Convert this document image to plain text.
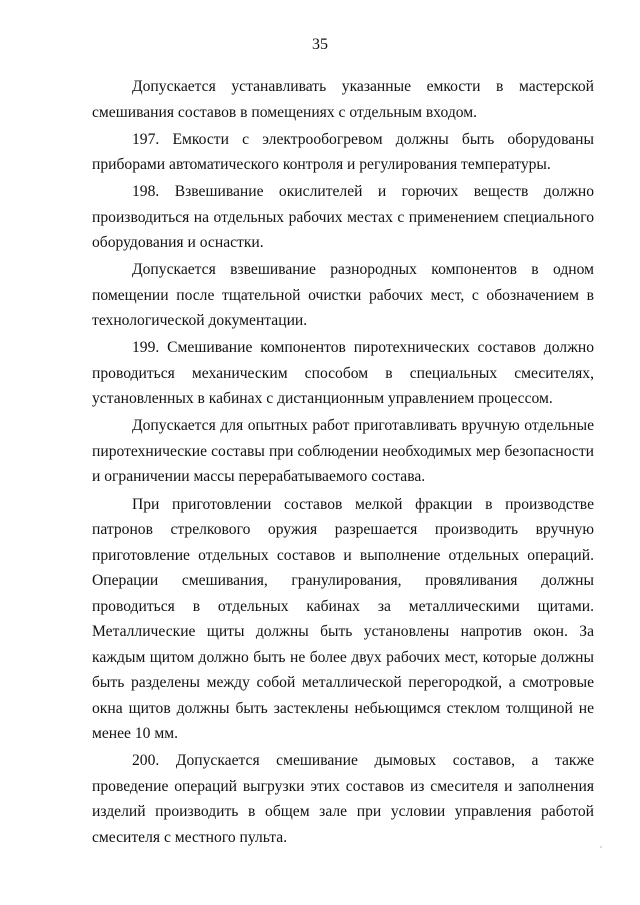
35

Допускается устанавливать указанные емкости в мастерской смешивания составов в помещениях с отдельным входом.

197. Емкости с электрообогревом должны быть оборудованы приборами автоматического контроля и регулирования температуры.

198. Взвешивание окислителей и горючих веществ должно производиться на отдельных рабочих местах с применением специального оборудования и оснастки.

Допускается взвешивание разнородных компонентов в одном помещении после тщательной очистки рабочих мест, с обозначением в технологической документации.

199. Смешивание компонентов пиротехнических составов должно проводиться механическим способом в специальных смесителях, установленных в кабинах с дистанционным управлением процессом.

Допускается для опытных работ приготавливать вручную отдельные пиротехнические составы при соблюдении необходимых мер безопасности и ограничении массы перерабатываемого состава.

При приготовлении составов мелкой фракции в производстве патронов стрелкового оружия разрешается производить вручную приготовление отдельных составов и выполнение отдельных операций. Операции смешивания, гранулирования, провяливания должны проводиться в отдельных кабинах за металлическими щитами. Металлические щиты должны быть установлены напротив окон. За каждым щитом должно быть не более двух рабочих мест, которые должны быть разделены между собой металлической перегородкой, а смотровые окна щитов должны быть застеклены небьющимся стеклом толщиной не менее 10 мм.

200. Допускается смешивание дымовых составов, а также проведение операций выгрузки этих составов из смесителя и заполнения изделий производить в общем зале при условии управления работой смесителя с местного пульта.
